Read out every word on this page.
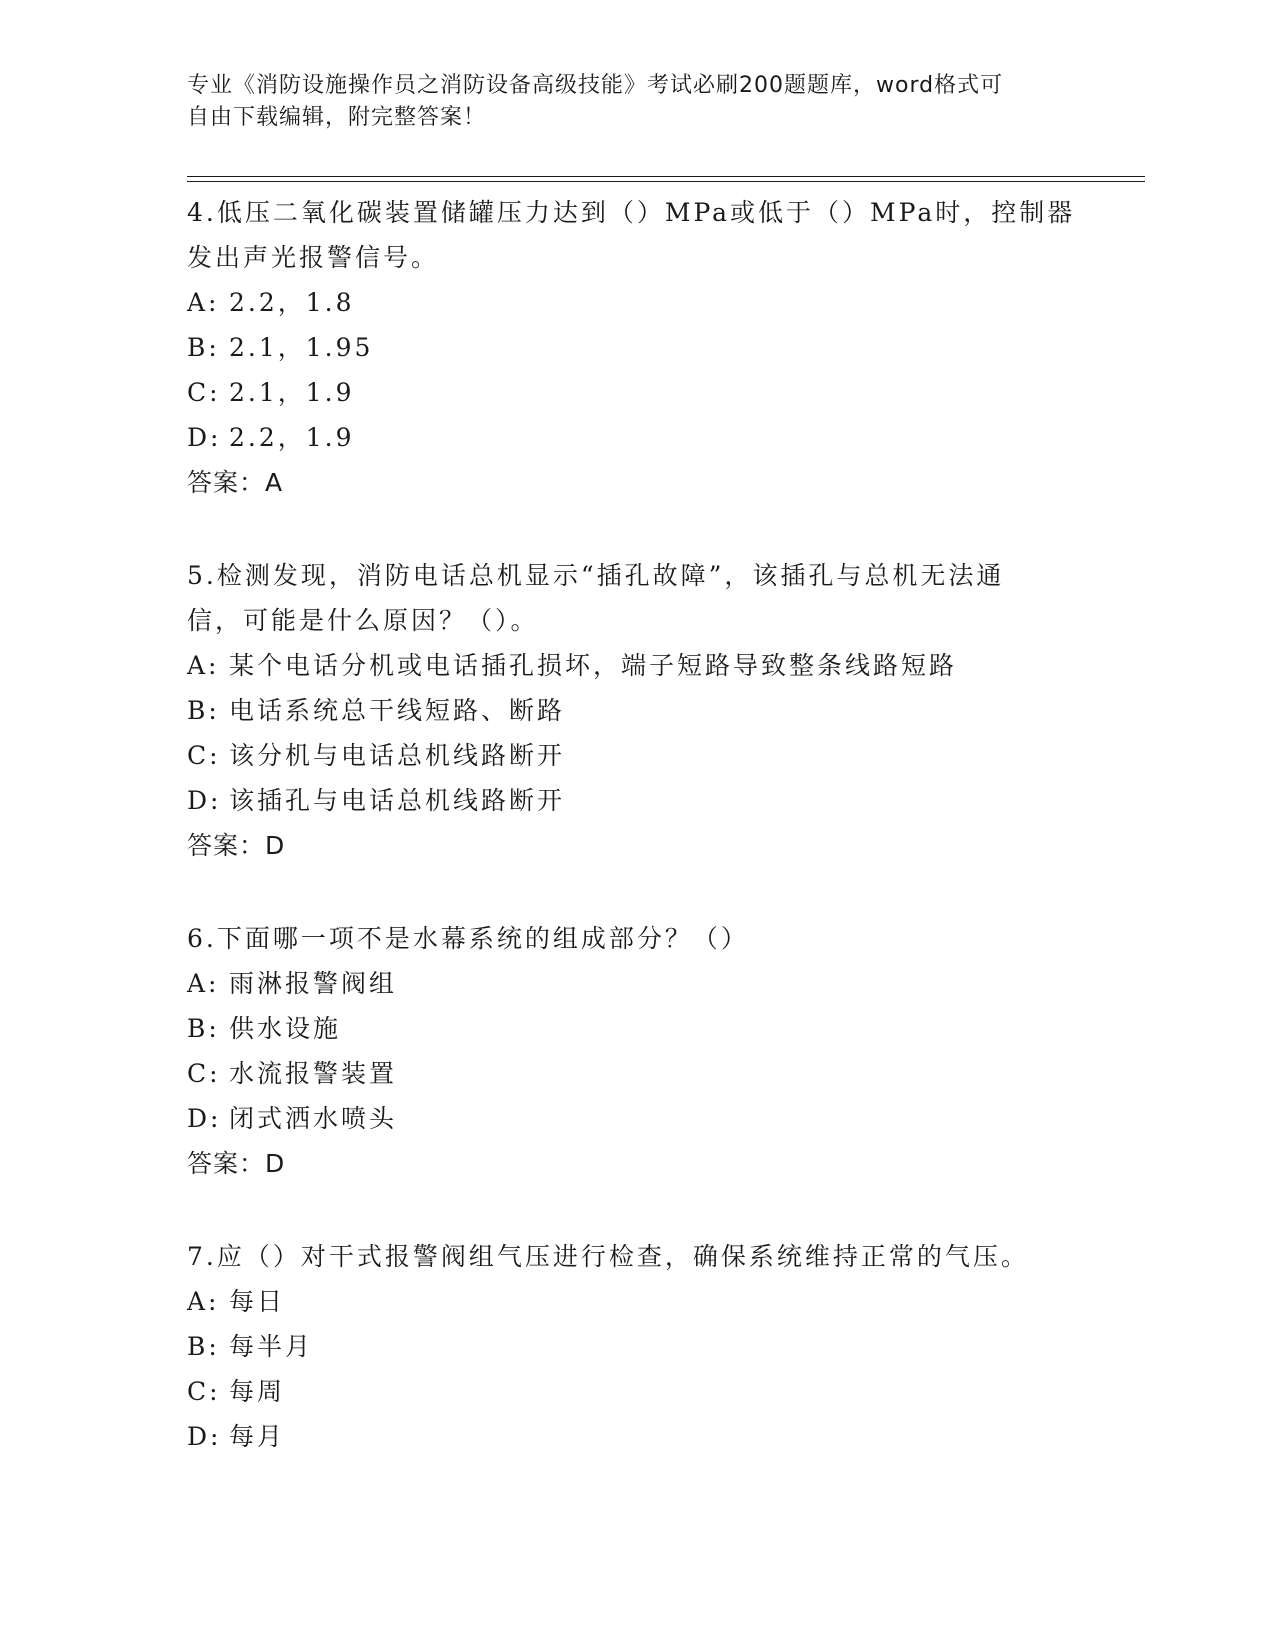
专业《消防设施操作员之消防设备高级技能》考试必刷200题题库，word格式可
自由下载编辑，附完整答案！
4.低压二氧化碳装置储罐压力达到（）MPa或低于（）MPa时，控制器
发出声光报警信号。
A: 2.2，1.8
B: 2.1，1.95
C: 2.1，1.9
D: 2.2，1.9
答案：A
5.检测发现，消防电话总机显示“插孔故障”，该插孔与总机无法通
信，可能是什么原因？（）。
A: 某个电话分机或电话插孔损坏，端子短路导致整条线路短路
B: 电话系统总干线短路、断路
C: 该分机与电话总机线路断开
D: 该插孔与电话总机线路断开
答案：D
6.下面哪一项不是水幕系统的组成部分？（）
A: 雨淋报警阀组
B: 供水设施
C: 水流报警装置
D: 闭式洒水喷头
答案：D
7.应（）对干式报警阀组气压进行检查，确保系统维持正常的气压。
A: 每日
B: 每半月
C: 每周
D: 每月
